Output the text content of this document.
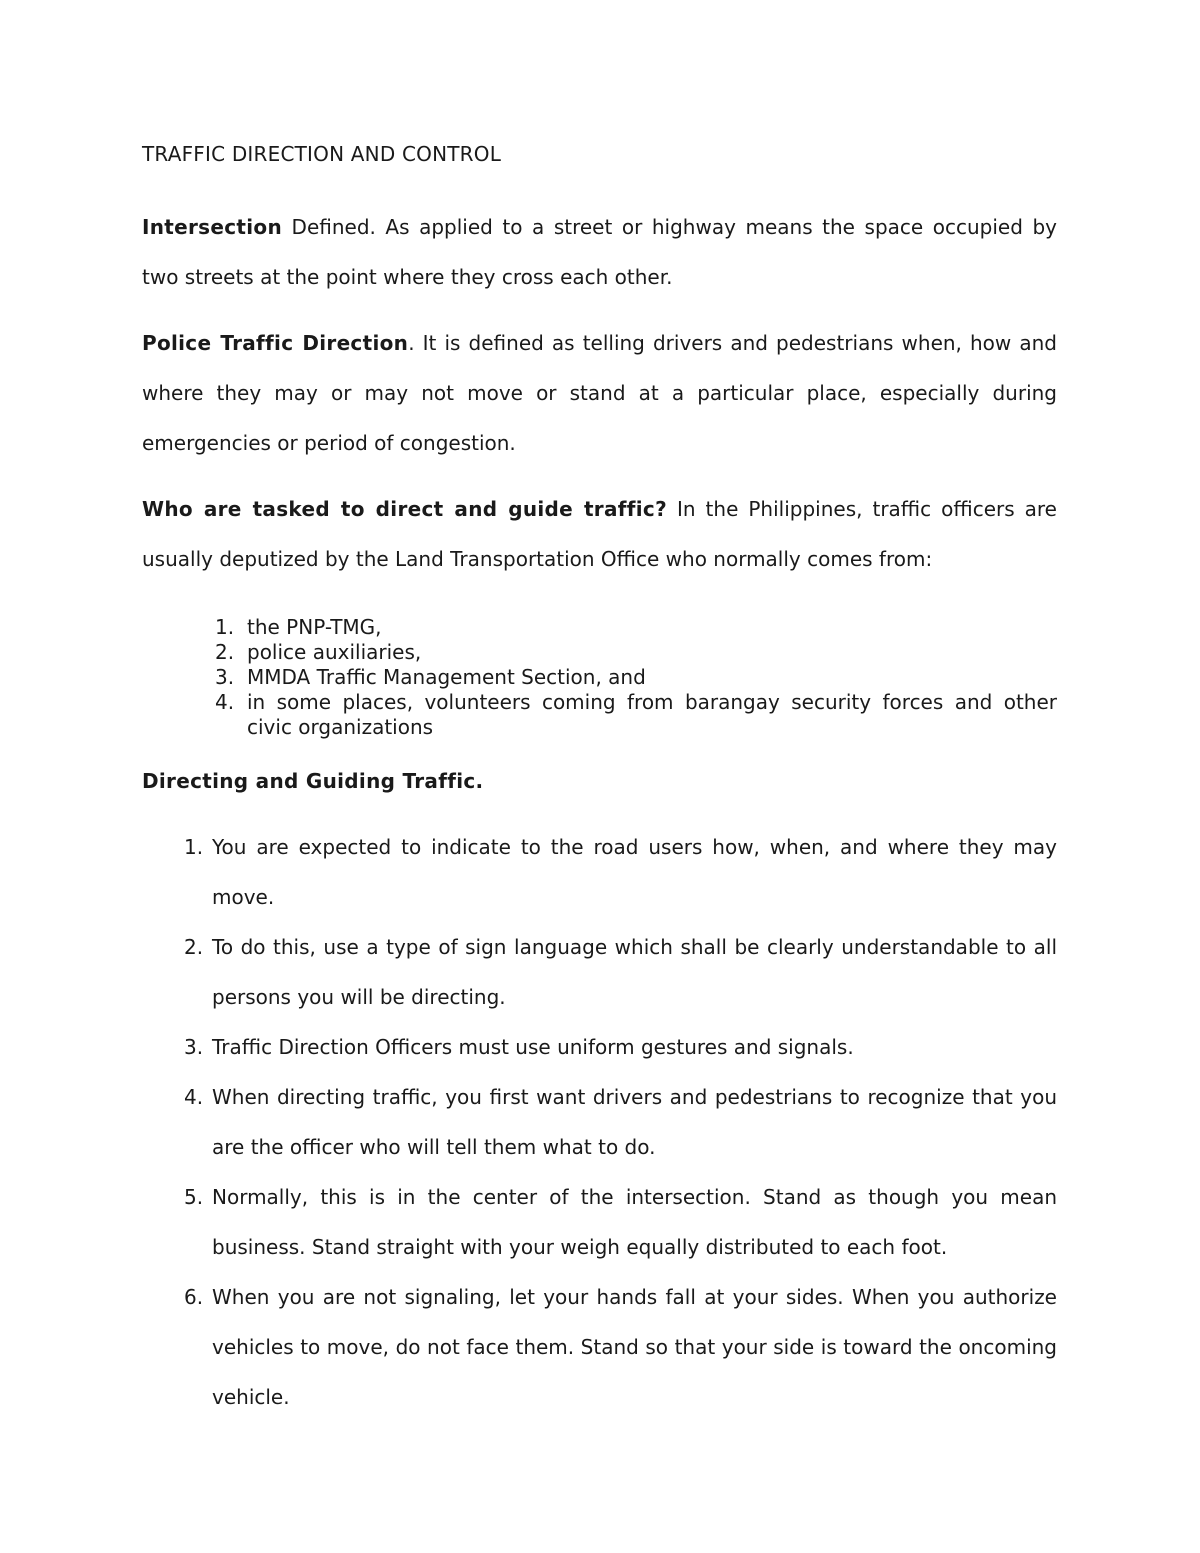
TRAFFIC DIRECTION AND CONTROL

Intersection Defined. As applied to a street or highway means the space occupied by two streets at the point where they cross each other.

Police Traffic Direction. It is defined as telling drivers and pedestrians when, how and where they may or may not move or stand at a particular place, especially during emergencies or period of congestion.

Who are tasked to direct and guide traffic? In the Philippines, traffic officers are usually deputized by the Land Transportation Office who normally comes from:

1. the PNP-TMG,
2. police auxiliaries,
3. MMDA Traffic Management Section, and
4. in some places, volunteers coming from barangay security forces and other civic organizations
Directing and Guiding Traffic.
1. You are expected to indicate to the road users how, when, and where they may move.
2. To do this, use a type of sign language which shall be clearly understandable to all persons you will be directing.
3. Traffic Direction Officers must use uniform gestures and signals.
4. When directing traffic, you first want drivers and pedestrians to recognize that you are the officer who will tell them what to do.
5. Normally, this is in the center of the intersection. Stand as though you mean business. Stand straight with your weigh equally distributed to each foot.
6. When you are not signaling, let your hands fall at your sides. When you authorize vehicles to move, do not face them. Stand so that your side is toward the oncoming vehicle.
